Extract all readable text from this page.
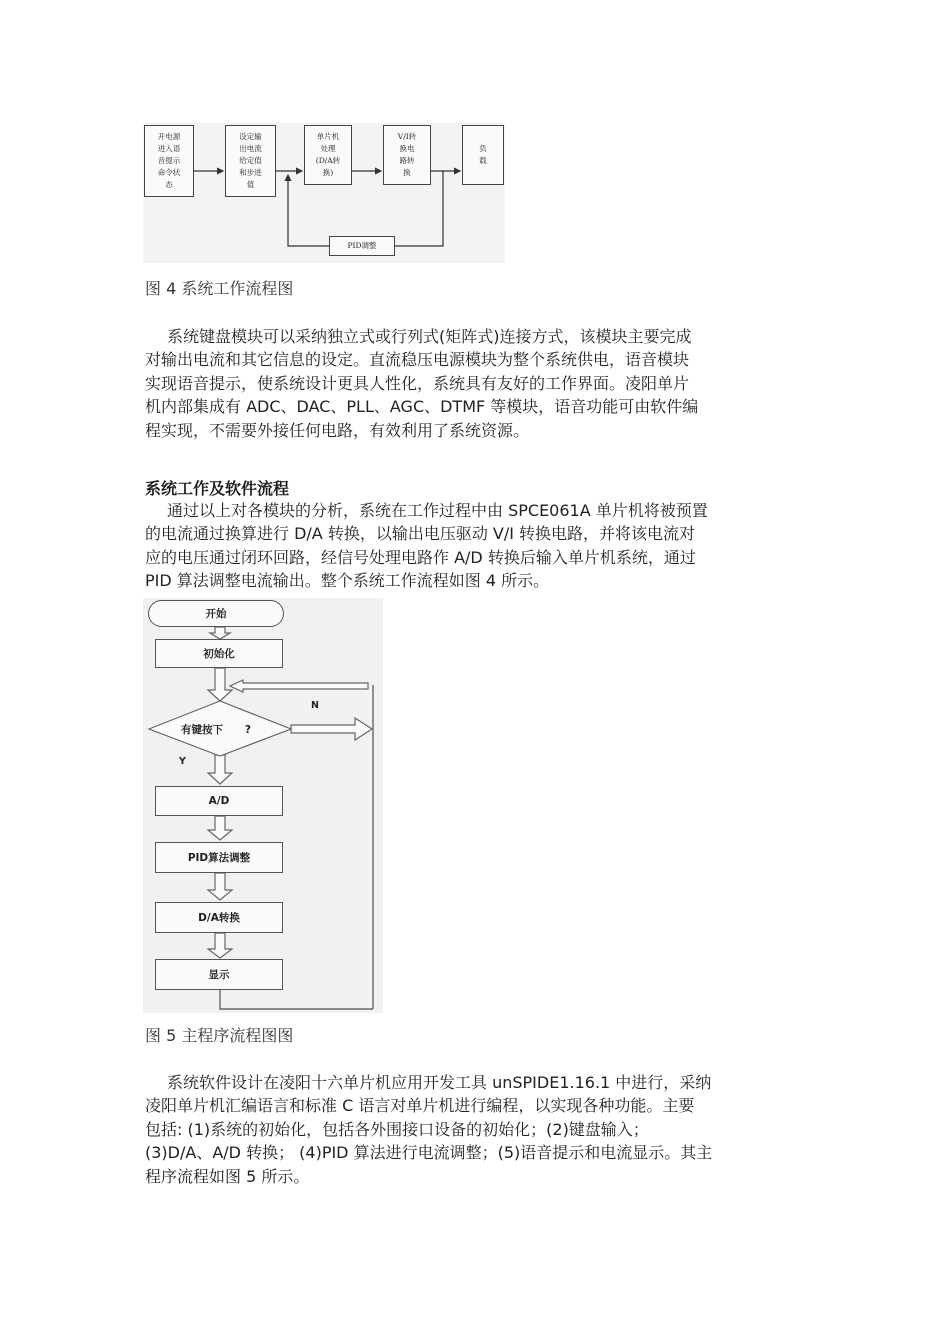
开电源
进入语
音提示
命令状
态
设定输
出电流
给定值
和步进
值
单片机
处理
(D/A转
换)
V/I转
换电
路转
换
负
载
PID调整
图 4 系统工作流程图
系统键盘模块可以采纳独立式或行列式(矩阵式)连接方式，该模块主要完成
对输出电流和其它信息的设定。直流稳压电源模块为整个系统供电，语音模块
实现语音提示，使系统设计更具人性化，系统具有友好的工作界面。凌阳单片
机内部集成有 ADC、DAC、PLL、AGC、DTMF 等模块，语音功能可由软件编
程实现，不需要外接任何电路，有效利用了系统资源。
系统工作及软件流程
通过以上对各模块的分析，系统在工作过程中由 SPCE061A 单片机将被预置
的电流通过换算进行 D/A 转换，以输出电压驱动 V/I 转换电路，并将该电流对
应的电压通过闭环回路，经信号处理电路作 A/D 转换后输入单片机系统，通过
PID 算法调整电流输出。整个系统工作流程如图 4 所示。
开始
初始化
有键按下      ?
N
Y
A/D
PID算法调整
D/A转换
显示
图 5 主程序流程图图
系统软件设计在凌阳十六单片机应用开发工具 unSPIDE1.16.1 中进行，采纳
凌阳单片机汇编语言和标准 C 语言对单片机进行编程，以实现各种功能。主要
包括: (1)系统的初始化，包括各外围接口设备的初始化；(2)键盘输入；
(3)D/A、A/D 转换； (4)PID 算法进行电流调整；(5)语音提示和电流显示。其主
程序流程如图 5 所示。
